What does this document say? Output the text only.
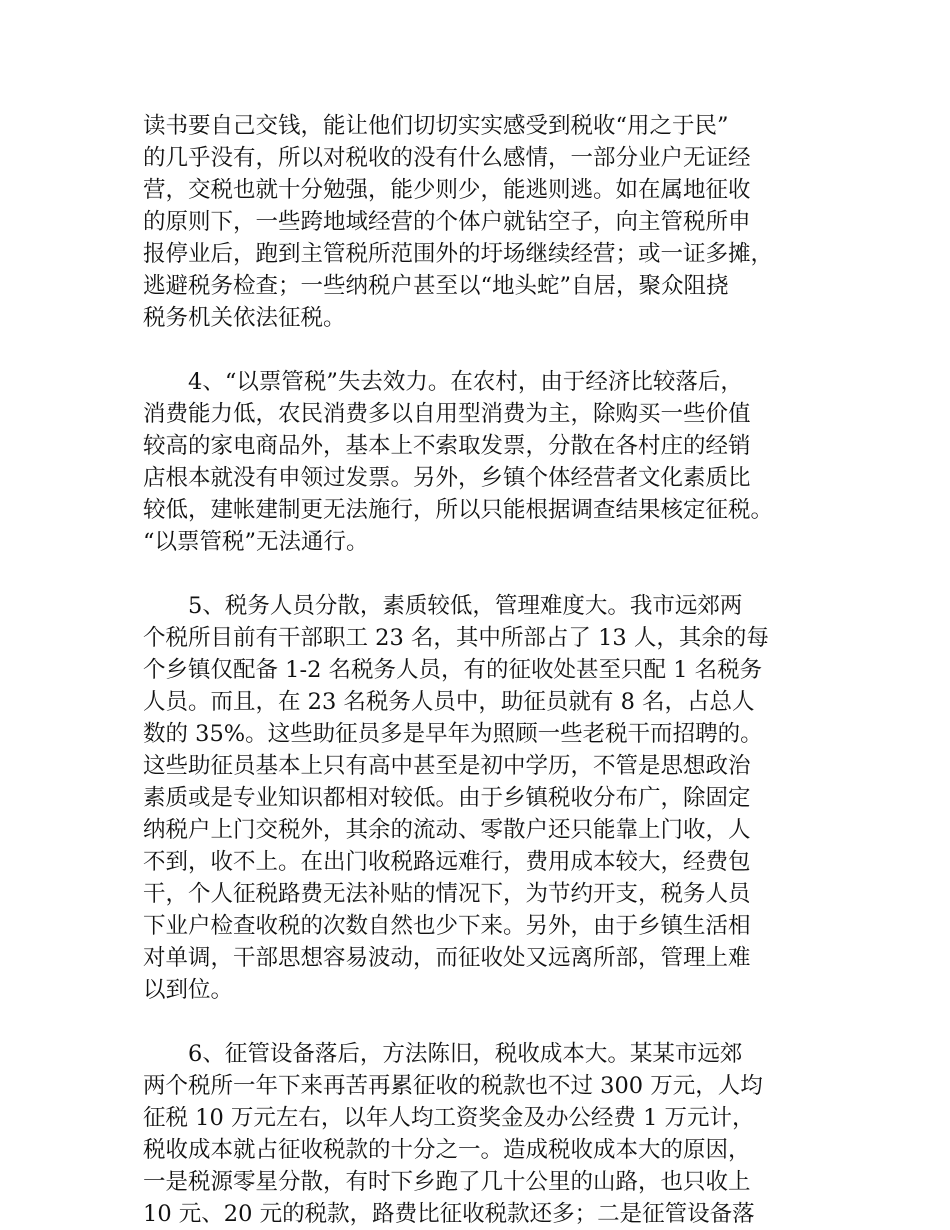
读书要自己交钱，能让他们切切实实感受到税收“用之于民”
的几乎没有，所以对税收的没有什么感情，一部分业户无证经
营，交税也就十分勉强，能少则少，能逃则逃。如在属地征收
的原则下，一些跨地域经营的个体户就钻空子，向主管税所申
报停业后，跑到主管税所范围外的圩场继续经营；或一证多摊，
逃避税务检查；一些纳税户甚至以“地头蛇”自居，聚众阻挠
税务机关依法征税。
4、“以票管税”失去效力。在农村，由于经济比较落后，
消费能力低，农民消费多以自用型消费为主，除购买一些价值
较高的家电商品外，基本上不索取发票，分散在各村庄的经销
店根本就没有申领过发票。另外，乡镇个体经营者文化素质比
较低，建帐建制更无法施行，所以只能根据调查结果核定征税。
“以票管税”无法通行。
5、税务人员分散，素质较低，管理难度大。我市远郊两
个税所目前有干部职工 23 名，其中所部占了 13 人，其余的每
个乡镇仅配备 1-2 名税务人员，有的征收处甚至只配 1 名税务
人员。而且，在 23 名税务人员中，助征员就有 8 名，占总人
数的 35%。这些助征员多是早年为照顾一些老税干而招聘的。
这些助征员基本上只有高中甚至是初中学历，不管是思想政治
素质或是专业知识都相对较低。由于乡镇税收分布广，除固定
纳税户上门交税外，其余的流动、零散户还只能靠上门收，人
不到，收不上。在出门收税路远难行，费用成本较大，经费包
干，个人征税路费无法补贴的情况下，为节约开支，税务人员
下业户检查收税的次数自然也少下来。另外，由于乡镇生活相
对单调，干部思想容易波动，而征收处又远离所部，管理上难
以到位。
6、征管设备落后，方法陈旧，税收成本大。某某市远郊
两个税所一年下来再苦再累征收的税款也不过 300 万元，人均
征税 10 万元左右，以年人均工资奖金及办公经费 1 万元计，
税收成本就占征收税款的十分之一。造成税收成本大的原因，
一是税源零星分散，有时下乡跑了几十公里的山路，也只收上
10 元、20 元的税款，路费比征收税款还多；二是征管设备落
